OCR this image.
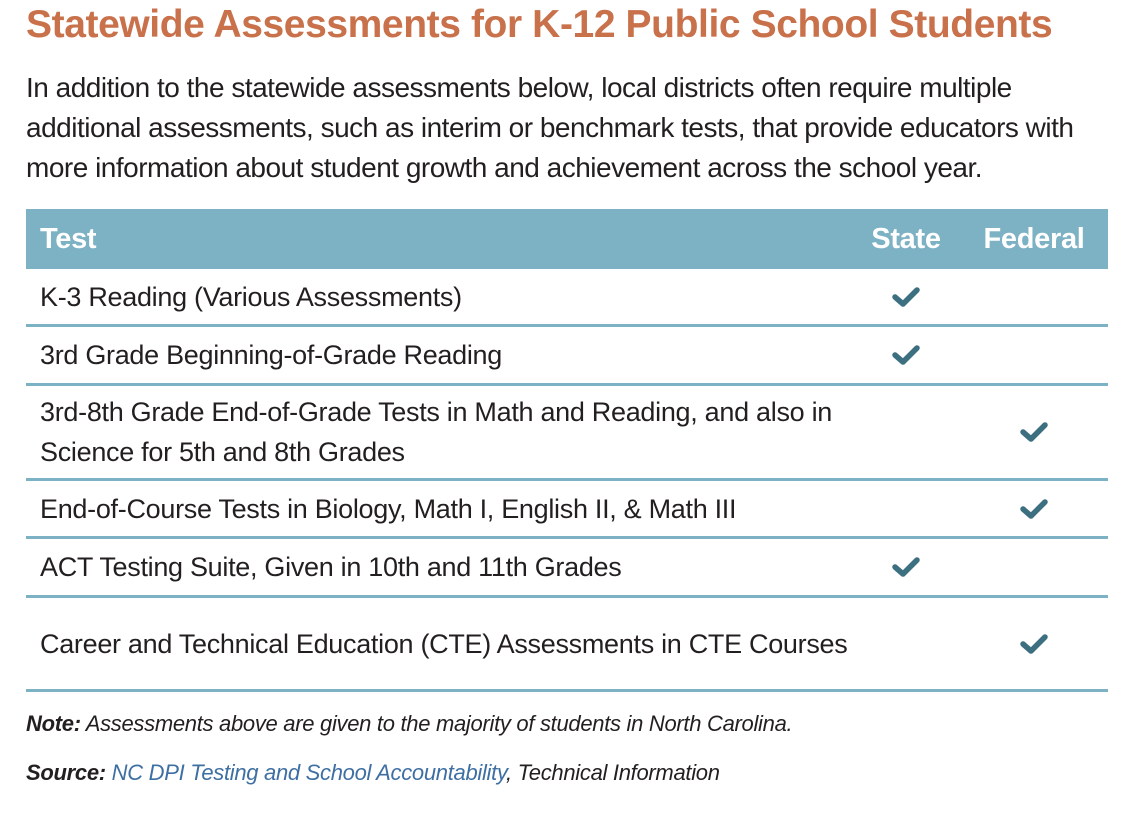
Statewide Assessments for K-12 Public School Students

In addition to the statewide assessments below, local districts often require multiple additional assessments, such as interim or benchmark tests, that provide educators with more information about student growth and achievement across the school year.

Test	State	Federal
K-3 Reading (Various Assessments)
3rd Grade Beginning-of-Grade Reading
3rd-8th Grade End-of-Grade Tests in Math and Reading, and also in Science for 5th and 8th Grades
End-of-Course Tests in Biology, Math I, English II, & Math III
ACT Testing Suite, Given in 10th and 11th Grades
Career and Technical Education (CTE) Assessments in CTE Courses

Note: Assessments above are given to the majority of students in North Carolina.

Source: NC DPI Testing and School Accountability, Technical Information
